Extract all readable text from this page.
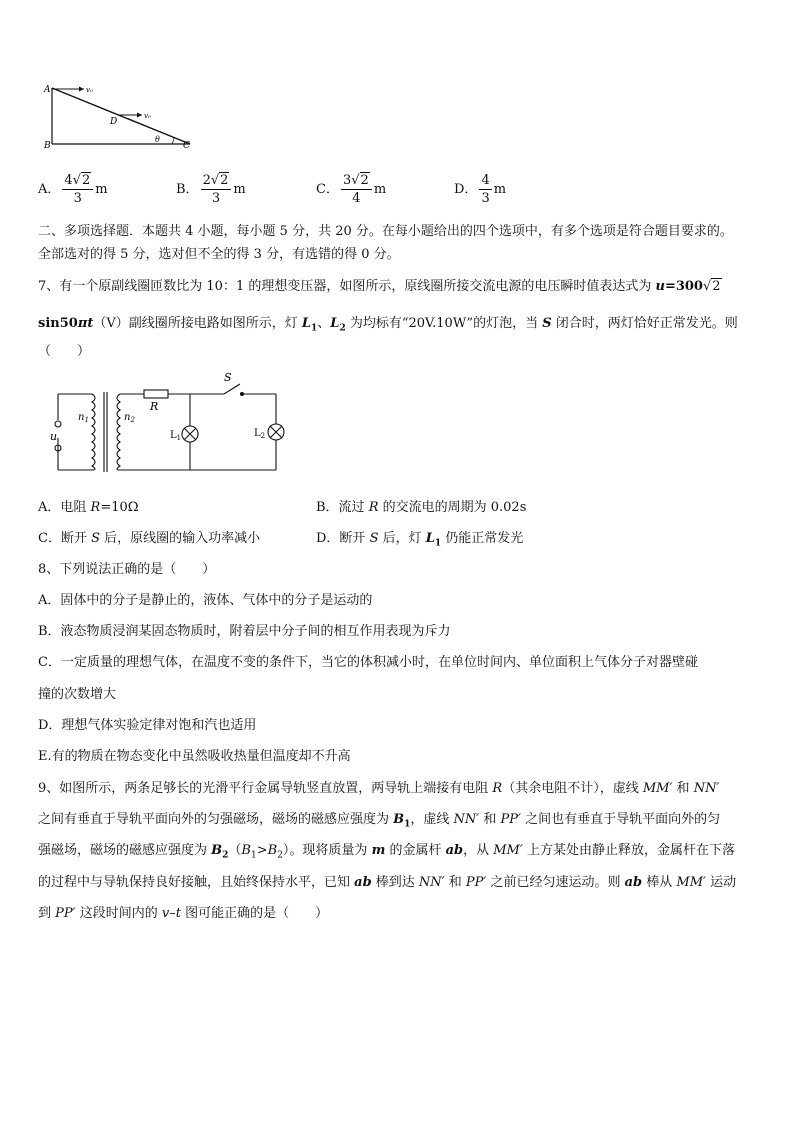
A
B	C
D
θ
v₀
v₀
A． $\frac{4√2}{3}$ m	B． $\frac{2√2}{3}$ m	C． $\frac{3√2}{4}$ m	D． $\frac{4}{3}$ m
二、多项选择题．本题共 4 小题，每小题 5 分，共 20 分。在每小题给出的四个选项中，有多个选项是符合题目要求的。
全部选对的得 5 分，选对但不全的得 3 分，有选错的得 0 分。
7、有一个原副线圈匝数比为 10：1 的理想变压器，如图所示，原线圈所接交流电源的电压瞬时值表达式为 u=300√2
sin50πt（V）副线圈所接电路如图所示，灯 $L_1$、$L_2$ 为均标有“20V.10W”的灯泡，当 S 闭合时，两灯恰好正常发光。则
（　　）
S
R
$n_1$	$n_2$
u	$L_1$	$L_2$
A．电阻 R=10Ω	B．流过 R 的交流电的周期为 0.02s
C．断开 S 后，原线圈的输入功率减小	D．断开 S 后，灯 $L_1$ 仍能正常发光
8、下列说法正确的是（　　）
A．固体中的分子是静止的，液体、气体中的分子是运动的
B．液态物质浸润某固态物质时，附着层中分子间的相互作用表现为斥力
C．一定质量的理想气体，在温度不变的条件下，当它的体积减小时，在单位时间内、单位面积上气体分子对器壁碰
撞的次数增大
D．理想气体实验定律对饱和汽也适用
E.有的物质在物态变化中虽然吸收热量但温度却不升高
9、如图所示，两条足够长的光滑平行金属导轨竖直放置，两导轨上端接有电阻 R（其余电阻不计），虚线 MM′ 和 NN′
之间有垂直于导轨平面向外的匀强磁场，磁场的磁感应强度为 $B_1$，虚线 NN′ 和 PP′ 之间也有垂直于导轨平面向外的匀
强磁场，磁场的磁感应强度为 $B_2(B_1>B_2)$。现将质量为 m 的金属杆 ab，从 MM′ 上方某处由静止释放，金属杆在下落
的过程中与导轨保持良好接触，且始终保持水平，已知 ab 棒到达 NN′ 和 PP′ 之前已经匀速运动。则 ab 棒从 MM′ 运动
到 PP′ 这段时间内的 v–t 图可能正确的是（　　）
